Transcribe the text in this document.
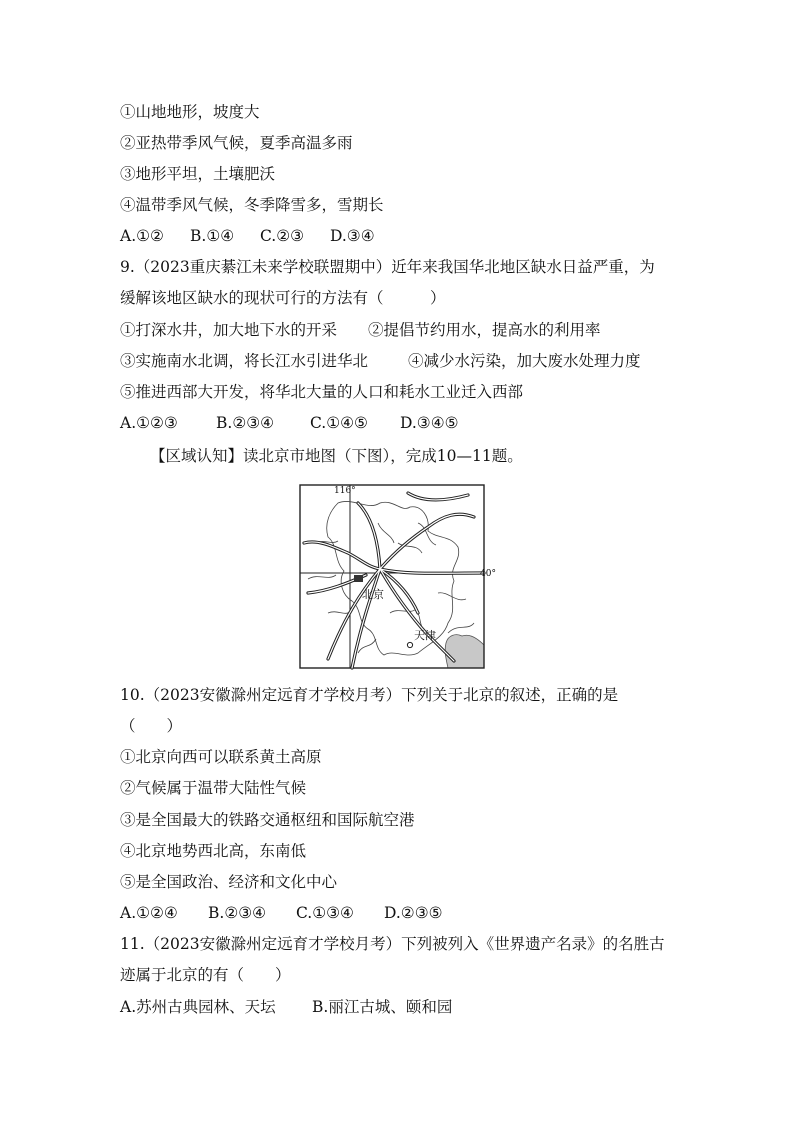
①山地地形，坡度大
②亚热带季风气候，夏季高温多雨
③地形平坦，土壤肥沃
④温带季风气候，冬季降雪多，雪期长
A.①② B.①④ C.②③ D.③④
9.（2023重庆綦江未来学校联盟期中）近年来我国华北地区缺水日益严重，为
缓解该地区缺水的现状可行的方法有（　　　）
①打深水井，加大地下水的开采 ②提倡节约用水，提高水的利用率
③实施南水北调，将长江水引进华北	④减少水污染，加大废水处理力度
⑤推进西部大开发，将华北大量的人口和耗水工业迁入西部
A.①②③ B.②③④ C.①④⑤ D.③④⑤
【区域认知】读北京市地图（下图），完成10—11题。
116°
40°
北京
天津
10.（2023安徽滁州定远育才学校月考）下列关于北京的叙述，正确的是
（　　）
①北京向西可以联系黄土高原
②气候属于温带大陆性气候
③是全国最大的铁路交通枢纽和国际航空港
④北京地势西北高，东南低
⑤是全国政治、经济和文化中心
A.①②④ B.②③④ C.①③④ D.②③⑤
11.（2023安徽滁州定远育才学校月考）下列被列入《世界遗产名录》的名胜古
迹属于北京的有（　　）
A.苏州古典园林、天坛 B.丽江古城、颐和园
